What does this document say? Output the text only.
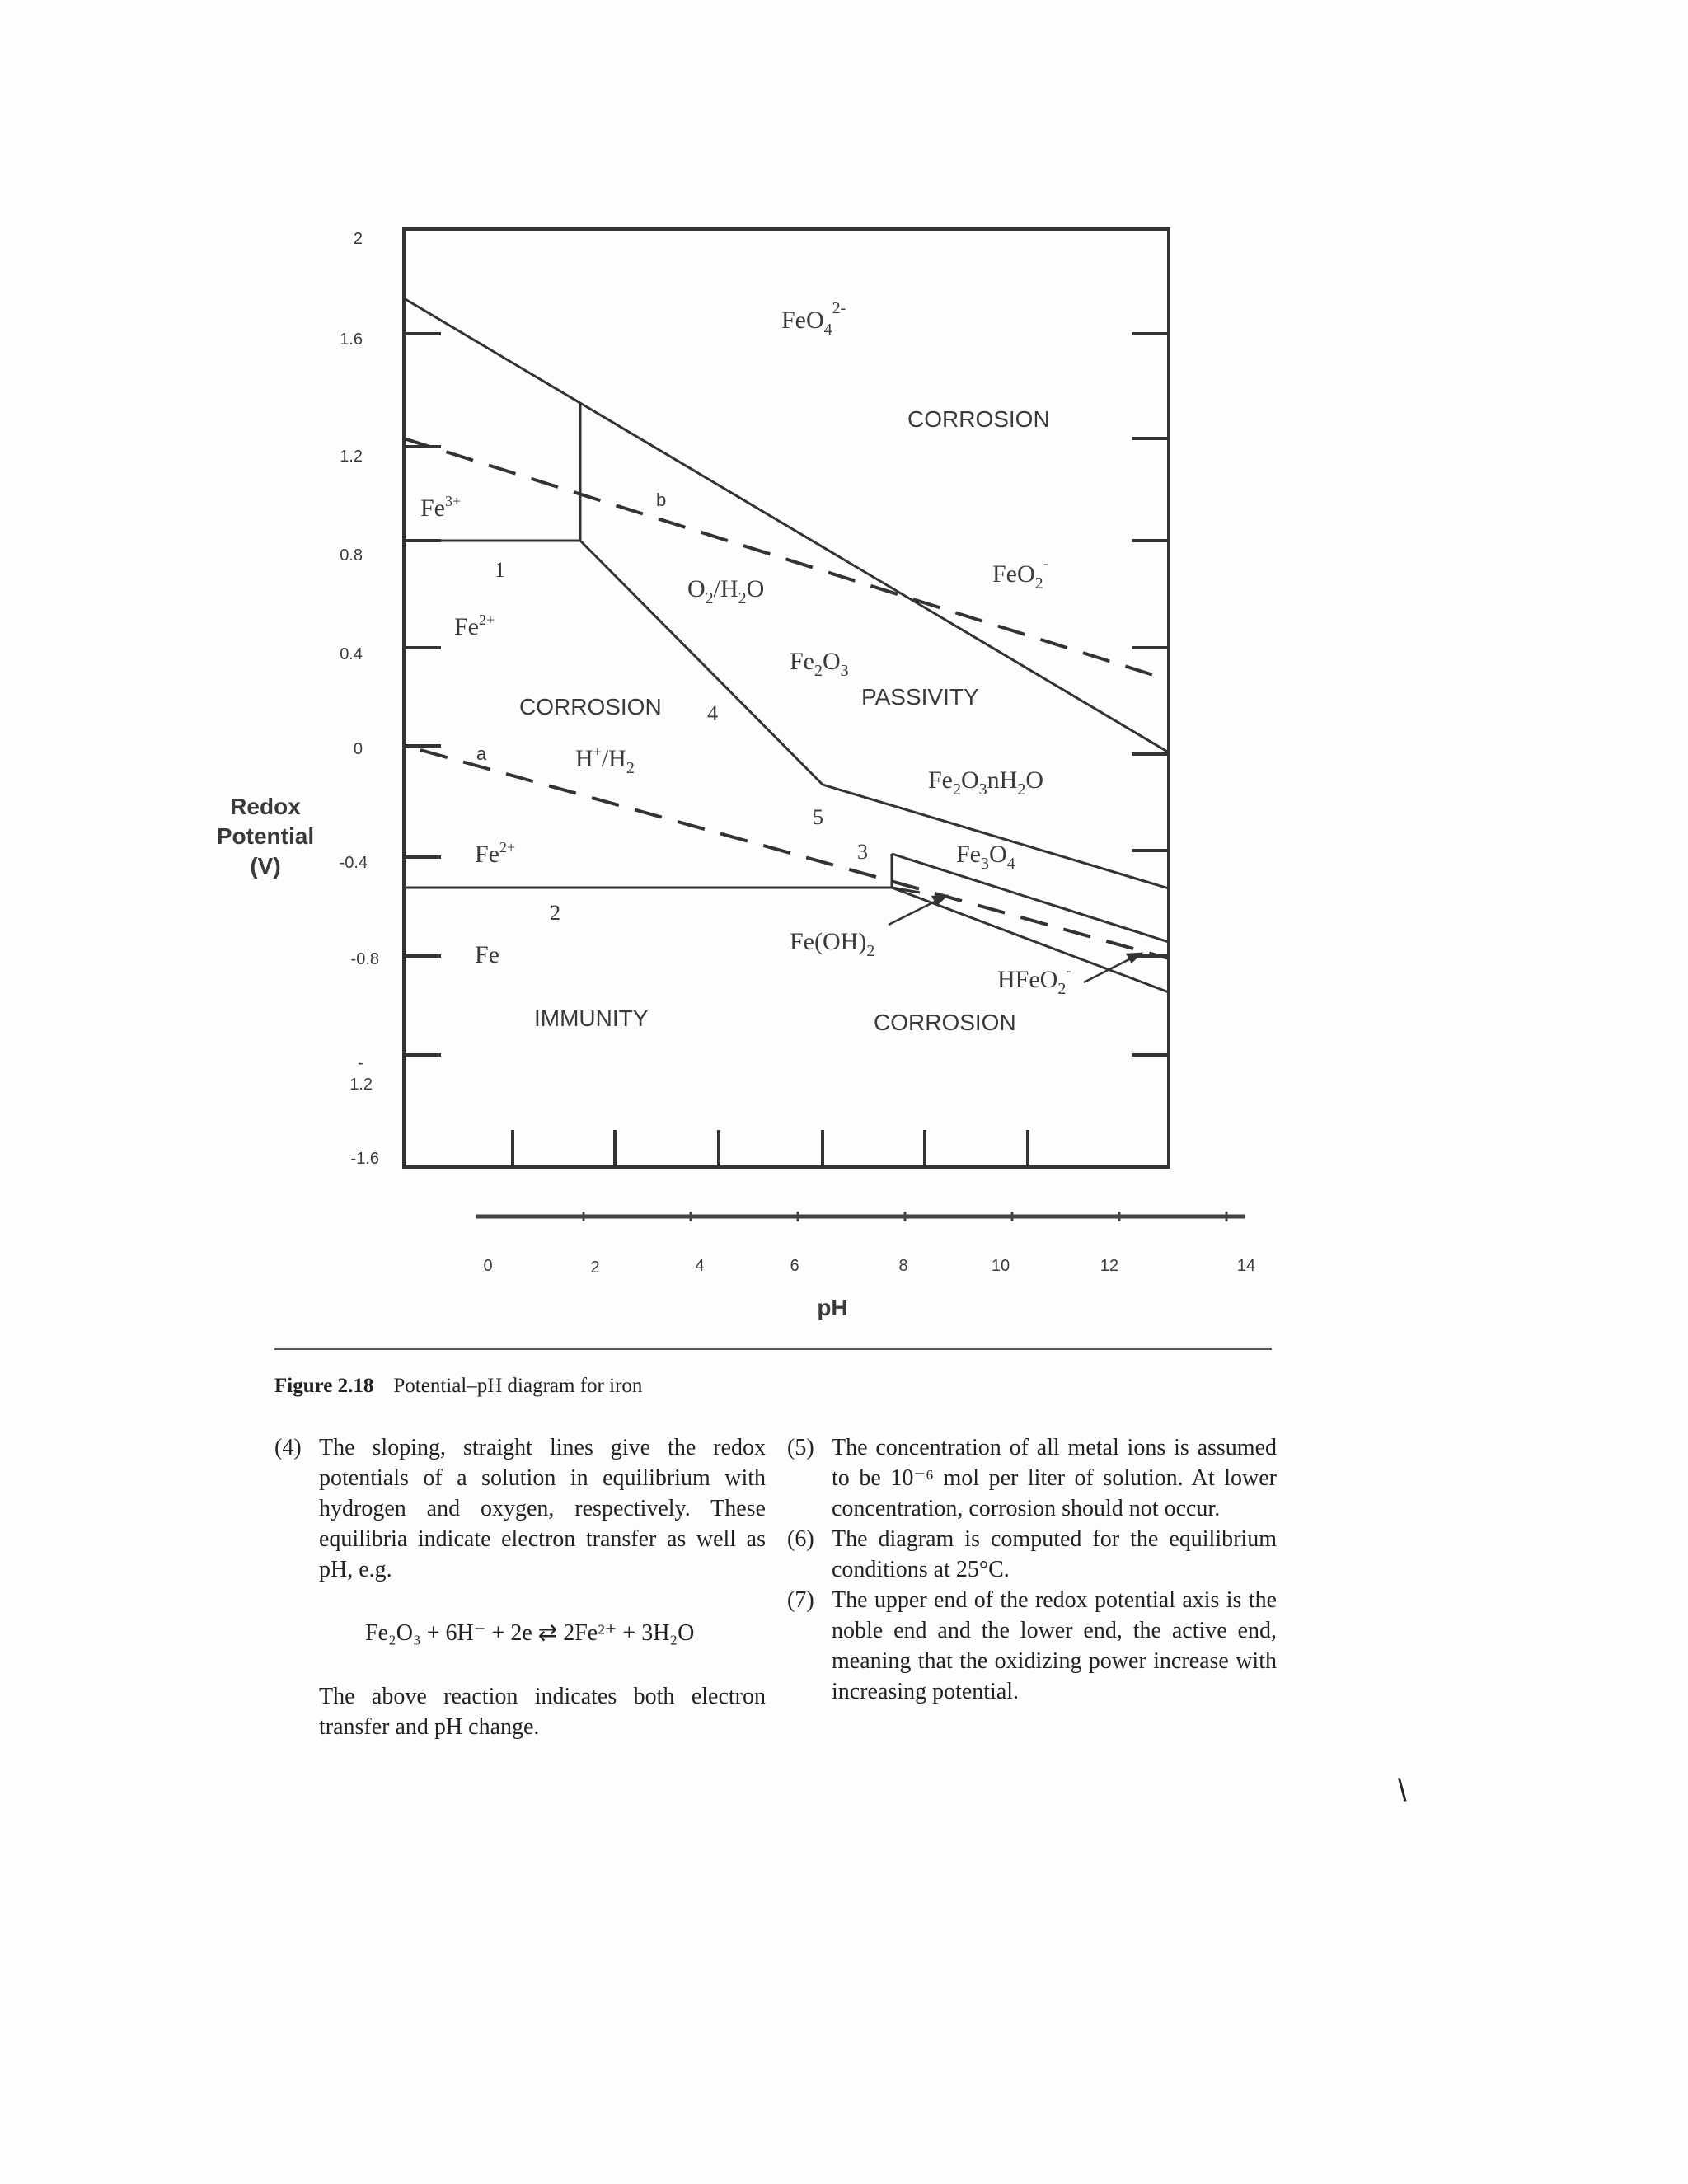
Redox
Potential
(V)
2
1.6
1.2
0.8
0.4
0
-0.4
-0.8
1.2
-1.6
-
CORROSION
CORROSION	PASSIVITY
IMMUNITY	CORROSION
FeO$_4^{2-}$
FeO$_2$-
$Fe^{3+}$
$Fe^{2+}$
$Fe^{2+}$
$O_2/H_2O$
$H^+/H_2$
$Fe_2O_3$
$Fe_2O_3nH_2O$
$Fe_3O_4$
$Fe(OH)_2$
HFeO$_2$-
Fe
1
2
3
4
5
a
b
0	2	4	6	8	10	12	14
pH
Figure 2.18 Potential–pH diagram for iron
(4) The sloping, straight lines give the redox potentials of a solution in equilibrium with hydrogen and oxygen, respectively. These equilibria indicate electron transfer as well as pH, e.g.
Fe₂O₃ + 6H⁻ + 2e ⇄ 2Fe²⁺ + 3H₂O
The above reaction indicates both electron transfer and pH change.
(5) The concentration of all metal ions is assumed to be 10⁻⁶ mol per liter of solution. At lower concentration, corrosion should not occur.
(6) The diagram is computed for the equilibrium conditions at 25°C.
(7) The upper end of the redox potential axis is the noble end and the lower end, the active end, meaning that the oxidizing power increase with increasing potential.
\
